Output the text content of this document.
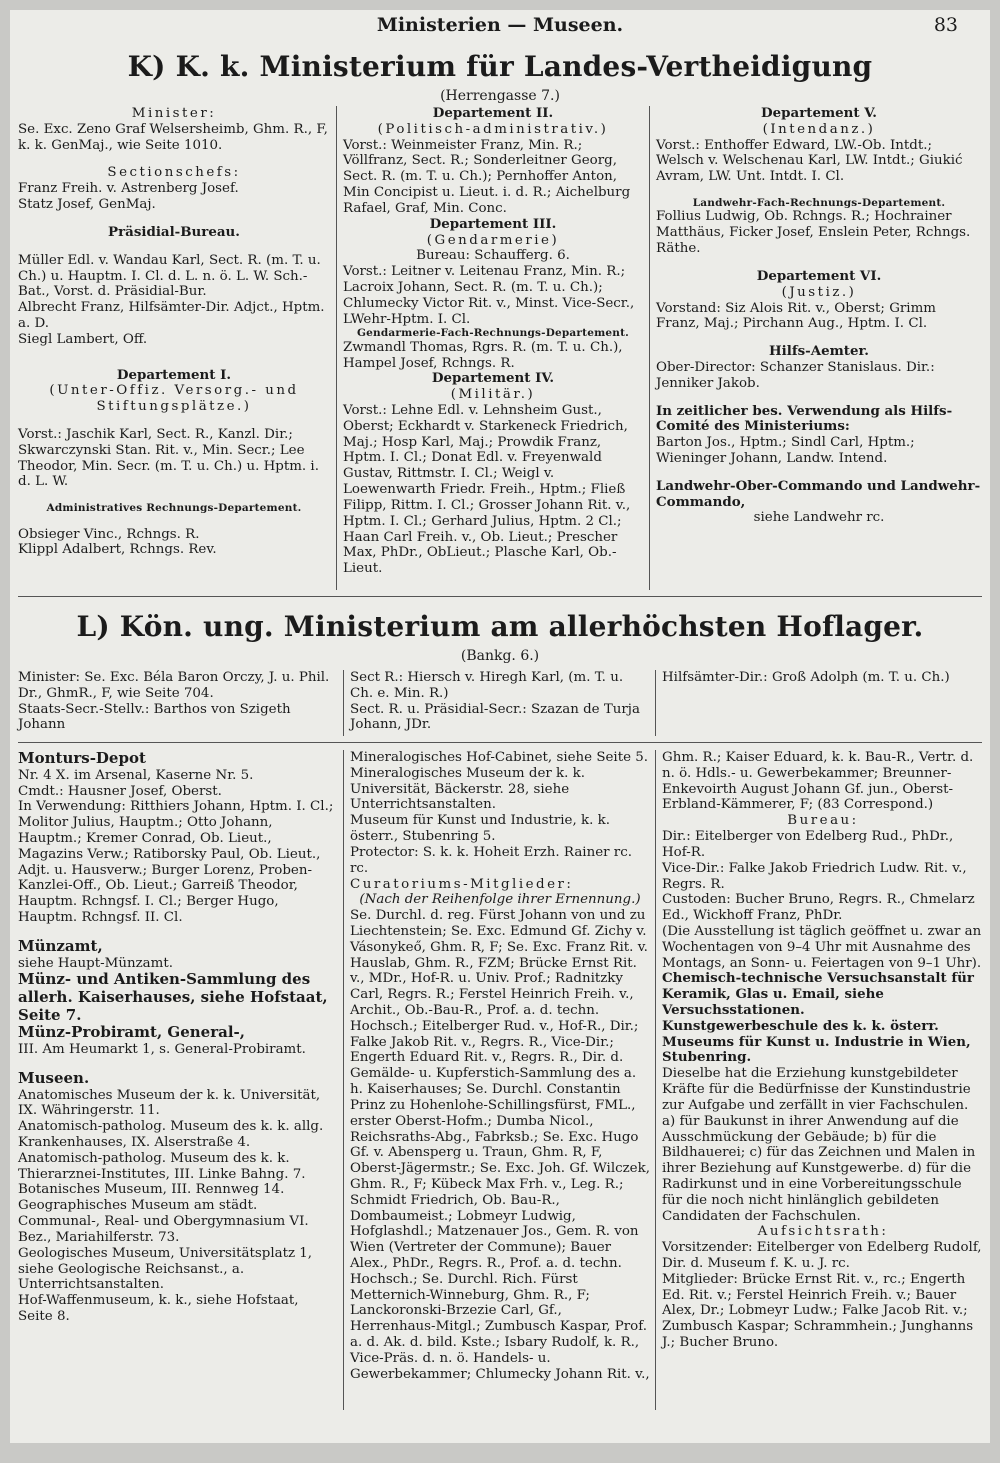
Ministerien — Museen.	83
K) K. k. Ministerium für Landes-Vertheidigung
(Herrengasse 7.)

Minister:

Se. Exc. Zeno Graf Welsersheimb, Ghm. R., F, k. k. GenMaj., wie Seite 1010.

Sectionschefs:

Franz Freih. v. Astrenberg Josef.

Statz Josef, GenMaj.

Präsidial-Bureau.

Müller Edl. v. Wandau Karl, Sect. R. (m. T. u. Ch.) u. Hauptm. I. Cl. d. L. n. ö. L. W. Sch.-Bat., Vorst. d. Präsidial-Bur.

Albrecht Franz, Hilfsämter-Dir. Adjct., Hptm. a. D.

Siegl Lambert, Off.

Departement I.

(Unter-Offiz. Versorg.- und Stiftungsplätze.)

Vorst.: Jaschik Karl, Sect. R., Kanzl. Dir.; Skwarczynski Stan. Rit. v., Min. Secr.; Lee Theodor, Min. Secr. (m. T. u. Ch.) u. Hptm. i. d. L. W.

Administratives Rechnungs-Departement.

Obsieger Vinc., Rchngs. R.

Klippl Adalbert, Rchngs. Rev.

Departement II.

(Politisch-administrativ.)

Vorst.: Weinmeister Franz, Min. R.; Völlfranz, Sect. R.; Sonderleitner Georg, Sect. R. (m. T. u. Ch.); Pernhoffer Anton, Min Concipist u. Lieut. i. d. R.; Aichelburg Rafael, Graf, Min. Conc.

Departement III.

(Gendarmerie)

Bureau: Schaufferg. 6.

Vorst.: Leitner v. Leitenau Franz, Min. R.; Lacroix Johann, Sect. R. (m. T. u. Ch.); Chlumecky Victor Rit. v., Minst. Vice-Secr., LWehr-Hptm. I. Cl.

Gendarmerie-Fach-Rechnungs-Departement.

Zwmandl Thomas, Rgrs. R. (m. T. u. Ch.), Hampel Josef, Rchngs. R.

Departement IV.

(Militär.)

Vorst.: Lehne Edl. v. Lehnsheim Gust., Oberst; Eckhardt v. Starkeneck Friedrich, Maj.; Hosp Karl, Maj.; Prowdik Franz, Hptm. I. Cl.; Donat Edl. v. Freyenwald Gustav, Rittmstr. I. Cl.; Weigl v. Loewenwarth Friedr. Freih., Hptm.; Fließ Filipp, Rittm. I. Cl.; Grosser Johann Rit. v., Hptm. I. Cl.; Gerhard Julius, Hptm. 2 Cl.; Haan Carl Freih. v., Ob. Lieut.; Prescher Max, PhDr., ObLieut.; Plasche Karl, Ob.-Lieut.

Departement V.

(Intendanz.)

Vorst.: Enthoffer Edward, LW.-Ob. Intdt.; Welsch v. Welschenau Karl, LW. Intdt.; Giukić Avram, LW. Unt. Intdt. I. Cl.

Landwehr-Fach-Rechnungs-Departement.

Follius Ludwig, Ob. Rchngs. R.; Hochrainer Matthäus, Ficker Josef, Enslein Peter, Rchngs. Räthe.

Departement VI.

(Justiz.)

Vorstand: Siz Alois Rit. v., Oberst; Grimm Franz, Maj.; Pirchann Aug., Hptm. I. Cl.

Hilfs-Aemter.

Ober-Director: Schanzer Stanislaus. Dir.: Jenniker Jakob.

In zeitlicher bes. Verwendung als Hilfs-Comité des Ministeriums:

Barton Jos., Hptm.; Sindl Carl, Hptm.; Wieninger Johann, Landw. Intend.

Landwehr-Ober-Commando und Landwehr-Commando,

siehe Landwehr rc.

L) Kön. ung. Ministerium am allerhöchsten Hoflager.
(Bankg. 6.)

Minister: Se. Exc. Béla Baron Orczy, J. u. Phil. Dr., GhmR., F, wie Seite 704.

Staats-Secr.-Stellv.: Barthos von Szigeth Johann

Sect R.: Hiersch v. Hiregh Karl, (m. T. u. Ch. e. Min. R.)

Sect. R. u. Präsidial-Secr.: Szazan de Turja Johann, JDr.

Hilfsämter-Dir.: Groß Adolph (m. T. u. Ch.)

Monturs-Depot

Nr. 4 X. im Arsenal, Kaserne Nr. 5.

Cmdt.: Hausner Josef, Oberst.

In Verwendung: Ritthiers Johann, Hptm. I. Cl.; Molitor Julius, Hauptm.; Otto Johann, Hauptm.; Kremer Conrad, Ob. Lieut., Magazins Verw.; Ratiborsky Paul, Ob. Lieut., Adjt. u. Hausverw.; Burger Lorenz, Proben-Kanzlei-Off., Ob. Lieut.; Garreiß Theodor, Hauptm. Rchngsf. I. Cl.; Berger Hugo, Hauptm. Rchngsf. II. Cl.

Münzamt,

siehe Haupt-Münzamt.

Münz- und Antiken-Sammlung des allerh. Kaiserhauses, siehe Hofstaat, Seite 7.

Münz-Probiramt, General-,

III. Am Heumarkt 1, s. General-Probiramt.

Museen.

Anatomisches Museum der k. k. Universität, IX. Währingerstr. 11.

Anatomisch-patholog. Museum des k. k. allg. Krankenhauses, IX. Alserstraße 4.

Anatomisch-patholog. Museum des k. k. Thierarznei-Institutes, III. Linke Bahng. 7.

Botanisches Museum, III. Rennweg 14.

Geographisches Museum am städt. Communal-, Real- und Obergymnasium VI. Bez., Mariahilferstr. 73.

Geologisches Museum, Universitätsplatz 1, siehe Geologische Reichsanst., a. Unterrichtsanstalten.

Hof-Waffenmuseum, k. k., siehe Hofstaat, Seite 8.

Mineralogisches Hof-Cabinet, siehe Seite 5.

Mineralogisches Museum der k. k. Universität, Bäckerstr. 28, siehe Unterrichtsanstalten.

Museum für Kunst und Industrie, k. k. österr., Stubenring 5.

Protector: S. k. k. Hoheit Erzh. Rainer rc. rc.

Curatoriums-Mitglieder:

(Nach der Reihenfolge ihrer Ernennung.)

Se. Durchl. d. reg. Fürst Johann von und zu Liechtenstein; Se. Exc. Edmund Gf. Zichy v. Vásonykeő, Ghm. R, F; Se. Exc. Franz Rit. v. Hauslab, Ghm. R., FZM; Brücke Ernst Rit. v., MDr., Hof-R. u. Univ. Prof.; Radnitzky Carl, Regrs. R.; Ferstel Heinrich Freih. v., Archit., Ob.-Bau-R., Prof. a. d. techn. Hochsch.; Eitelberger Rud. v., Hof-R., Dir.; Falke Jakob Rit. v., Regrs. R., Vice-Dir.; Engerth Eduard Rit. v., Regrs. R., Dir. d. Gemälde- u. Kupferstich-Sammlung des a. h. Kaiserhauses; Se. Durchl. Constantin Prinz zu Hohenlohe-Schillingsfürst, FML., erster Oberst-Hofm.; Dumba Nicol., Reichsraths-Abg., Fabrksb.; Se. Exc. Hugo Gf. v. Abensperg u. Traun, Ghm. R, F, Oberst-Jägermstr.; Se. Exc. Joh. Gf. Wilczek, Ghm. R., F; Kübeck Max Frh. v., Leg. R.; Schmidt Friedrich, Ob. Bau-R., Dombaumeist.; Lobmeyr Ludwig, Hofglashdl.; Matzenauer Jos., Gem. R. von Wien (Vertreter der Commune); Bauer Alex., PhDr., Regrs. R., Prof. a. d. techn. Hochsch.; Se. Durchl. Rich. Fürst Metternich-Winneburg, Ghm. R., F; Lanckoronski-Brzezie Carl, Gf., Herrenhaus-Mitgl.; Zumbusch Kaspar, Prof. a. d. Ak. d. bild. Kste.; Isbary Rudolf, k. R., Vice-Präs. d. n. ö. Handels- u. Gewerbekammer; Chlumecky Johann Rit. v.,

Ghm. R.; Kaiser Eduard, k. k. Bau-R., Vertr. d. n. ö. Hdls.- u. Gewerbekammer; Breunner-Enkevoirth August Johann Gf. jun., Oberst-Erbland-Kämmerer, F; (83 Correspond.)

Bureau:

Dir.: Eitelberger von Edelberg Rud., PhDr., Hof-R.

Vice-Dir.: Falke Jakob Friedrich Ludw. Rit. v., Regrs. R.

Custoden: Bucher Bruno, Regrs. R., Chmelarz Ed., Wickhoff Franz, PhDr.

(Die Ausstellung ist täglich geöffnet u. zwar an Wochentagen von 9–4 Uhr mit Ausnahme des Montags, an Sonn- u. Feiertagen von 9–1 Uhr).

Chemisch-technische Versuchsanstalt für Keramik, Glas u. Email, siehe Versuchsstationen.

Kunstgewerbeschule des k. k. österr. Museums für Kunst u. Industrie in Wien, Stubenring.

Dieselbe hat die Erziehung kunstgebildeter Kräfte für die Bedürfnisse der Kunstindustrie zur Aufgabe und zerfällt in vier Fachschulen. a) für Baukunst in ihrer Anwendung auf die Ausschmückung der Gebäude; b) für die Bildhauerei; c) für das Zeichnen und Malen in ihrer Beziehung auf Kunstgewerbe. d) für die Radirkunst und in eine Vorbereitungsschule für die noch nicht hinlänglich gebildeten Candidaten der Fachschulen.

Aufsichtsrath:

Vorsitzender: Eitelberger von Edelberg Rudolf, Dir. d. Museum f. K. u. J. rc.

Mitglieder: Brücke Ernst Rit. v., rc.; Engerth Ed. Rit. v.; Ferstel Heinrich Freih. v.; Bauer Alex, Dr.; Lobmeyr Ludw.; Falke Jacob Rit. v.; Zumbusch Kaspar; Schrammhein.; Junghanns J.; Bucher Bruno.
